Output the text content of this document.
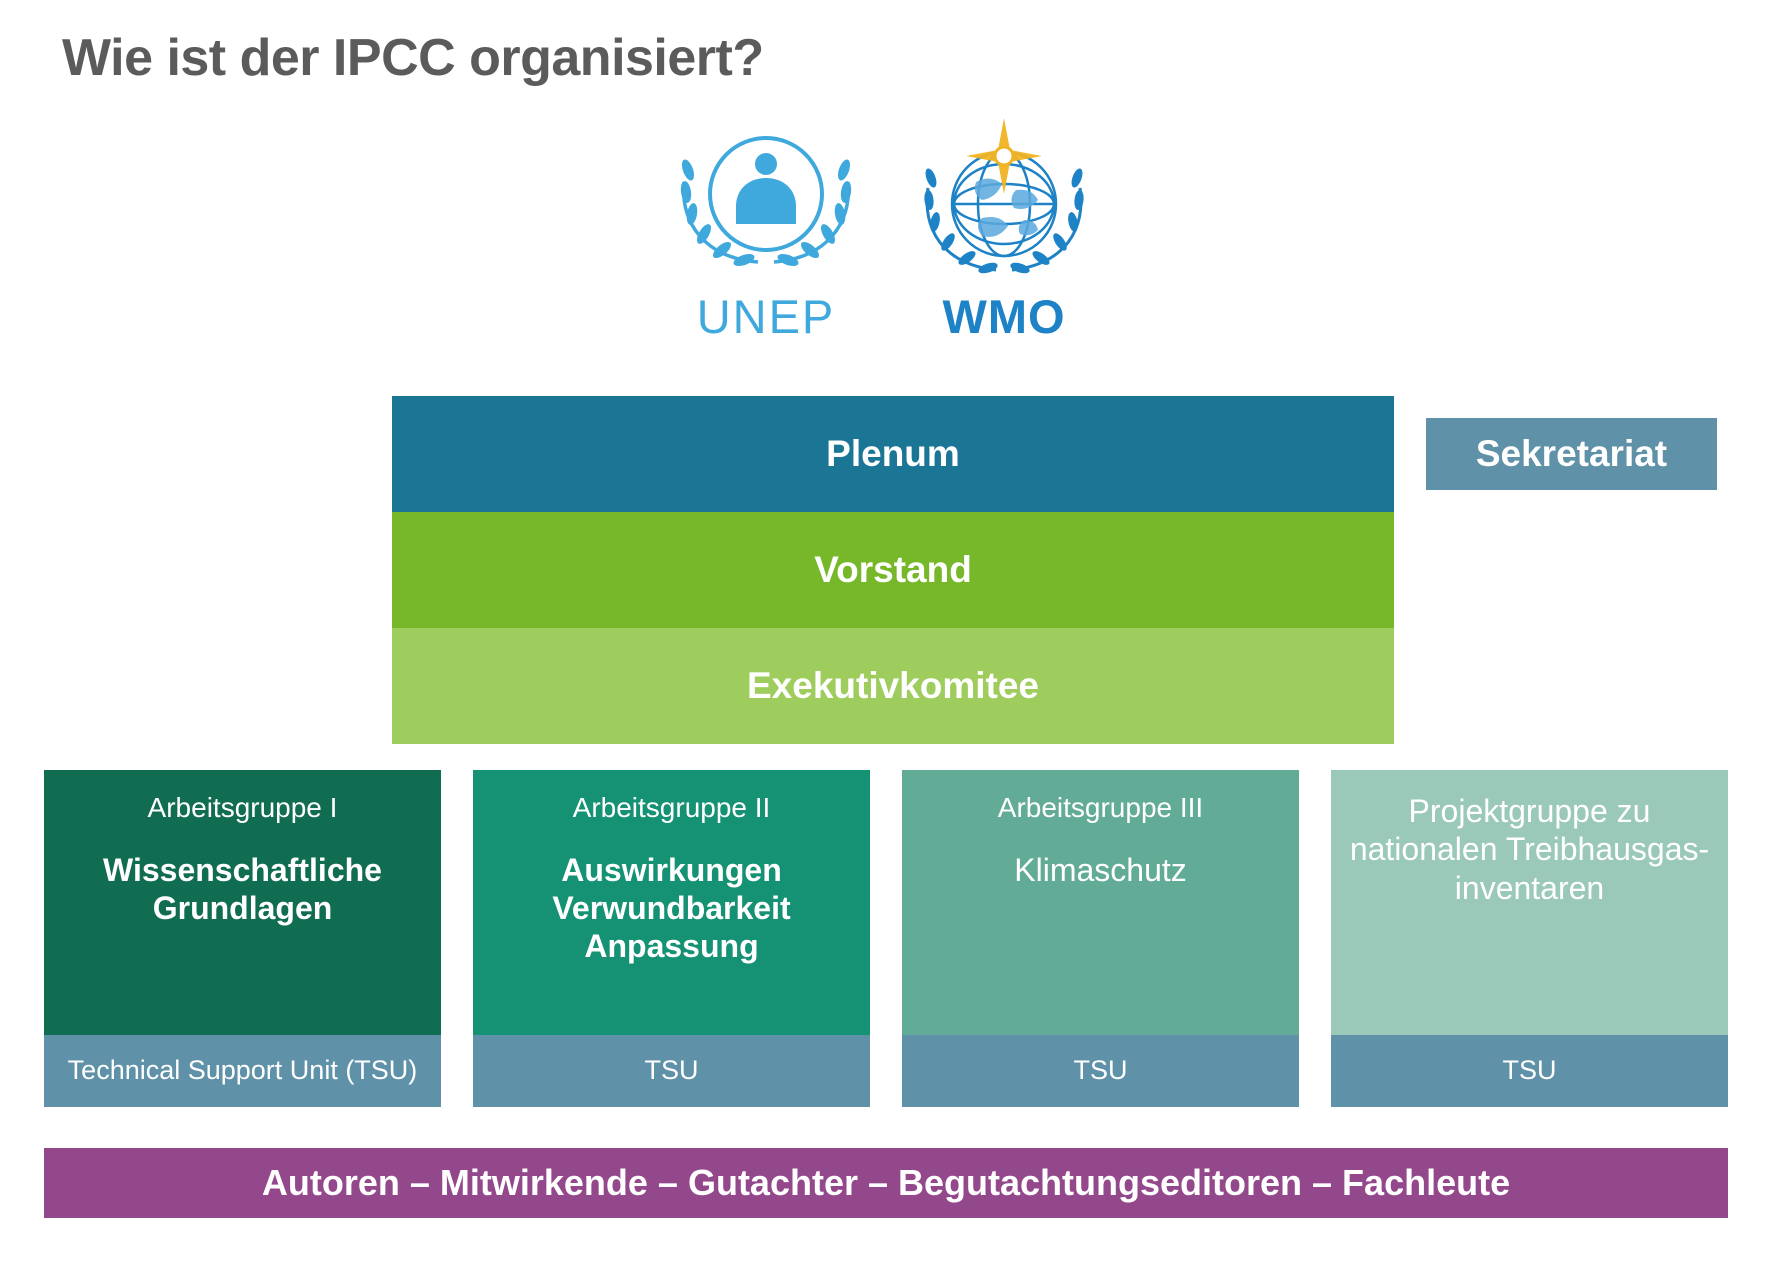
Wie ist der IPCC organisiert?
UNEP WMO
Plenum
Vorstand
Exekutivkomitee
Sekretariat
Arbeitsgruppe I
Wissenschaftliche Grundlagen
Technical Support Unit (TSU)
Arbeitsgruppe II
Auswirkungen Verwundbarkeit Anpassung
TSU
Arbeitsgruppe III
Klimaschutz
TSU
Projektgruppe zu nationalen Treibhausgas-inventaren
TSU
Autoren – Mitwirkende – Gutachter – Begutachtungseditoren – Fachleute
